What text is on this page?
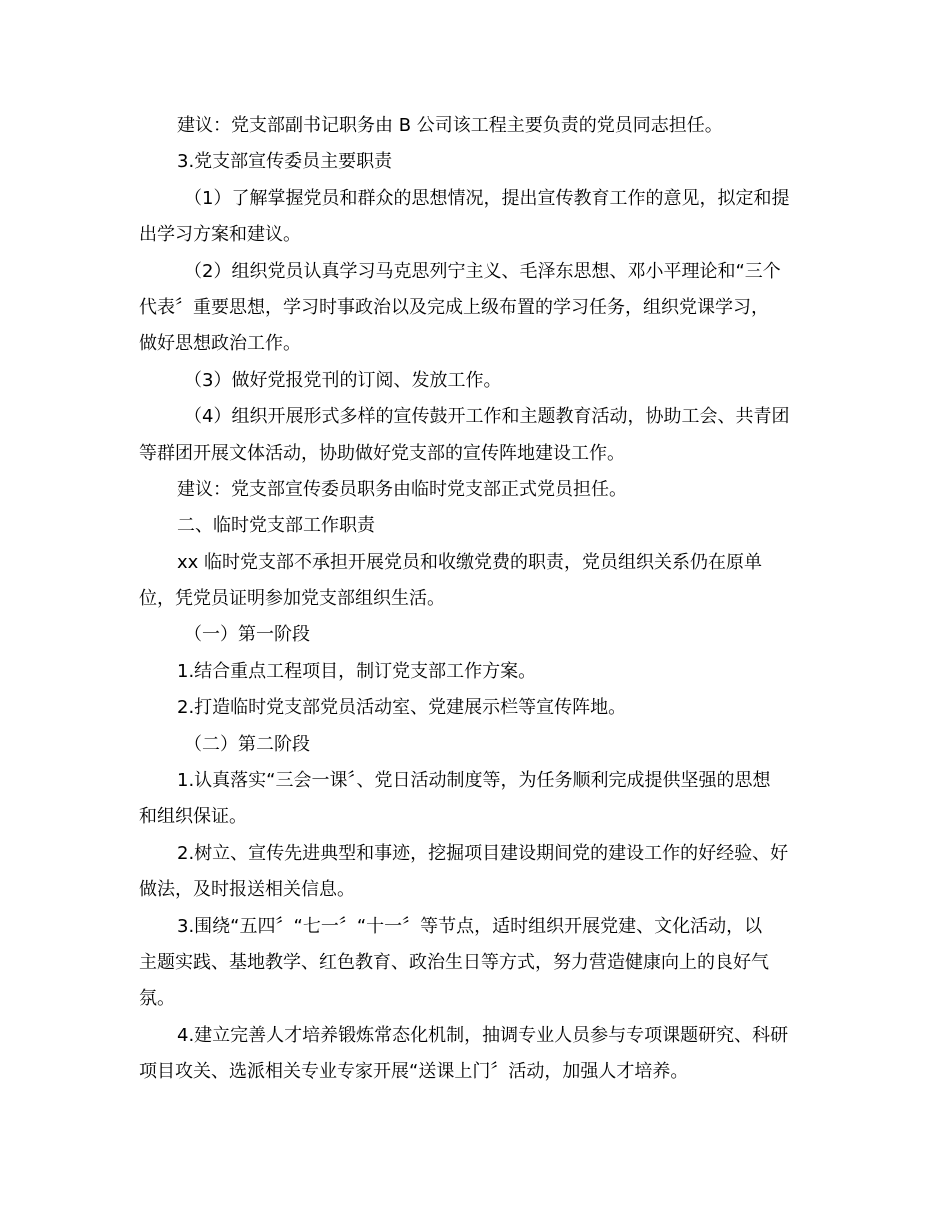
建议：党支部副书记职务由 B 公司该工程主要负责的党员同志担任。
3.党支部宣传委员主要职责
（1）了解掌握党员和群众的思想情况，提出宣传教育工作的意见，拟定和提
出学习方案和建议。
（2）组织党员认真学习马克思列宁主义、毛泽东思想、邓小平理论和“三个
代表〞重要思想，学习时事政治以及完成上级布置的学习任务，组织党课学习，
做好思想政治工作。
（3）做好党报党刊的订阅、发放工作。
（4）组织开展形式多样的宣传鼓开工作和主题教育活动，协助工会、共青团
等群团开展文体活动，协助做好党支部的宣传阵地建设工作。
建议：党支部宣传委员职务由临时党支部正式党员担任。
二、临时党支部工作职责
xx 临时党支部不承担开展党员和收缴党费的职责，党员组织关系仍在原单
位，凭党员证明参加党支部组织生活。
（一）第一阶段
1.结合重点工程项目，制订党支部工作方案。
2.打造临时党支部党员活动室、党建展示栏等宣传阵地。
（二）第二阶段
1.认真落实“三会一课〞、党日活动制度等，为任务顺利完成提供坚强的思想
和组织保证。
2.树立、宣传先进典型和事迹，挖掘项目建设期间党的建设工作的好经验、好
做法，及时报送相关信息。
3.围绕“五四〞“七一〞“十一〞等节点，适时组织开展党建、文化活动，以
主题实践、基地教学、红色教育、政治生日等方式，努力营造健康向上的良好气
氛。
4.建立完善人才培养锻炼常态化机制，抽调专业人员参与专项课题研究、科研
项目攻关、选派相关专业专家开展“送课上门〞活动，加强人才培养。
